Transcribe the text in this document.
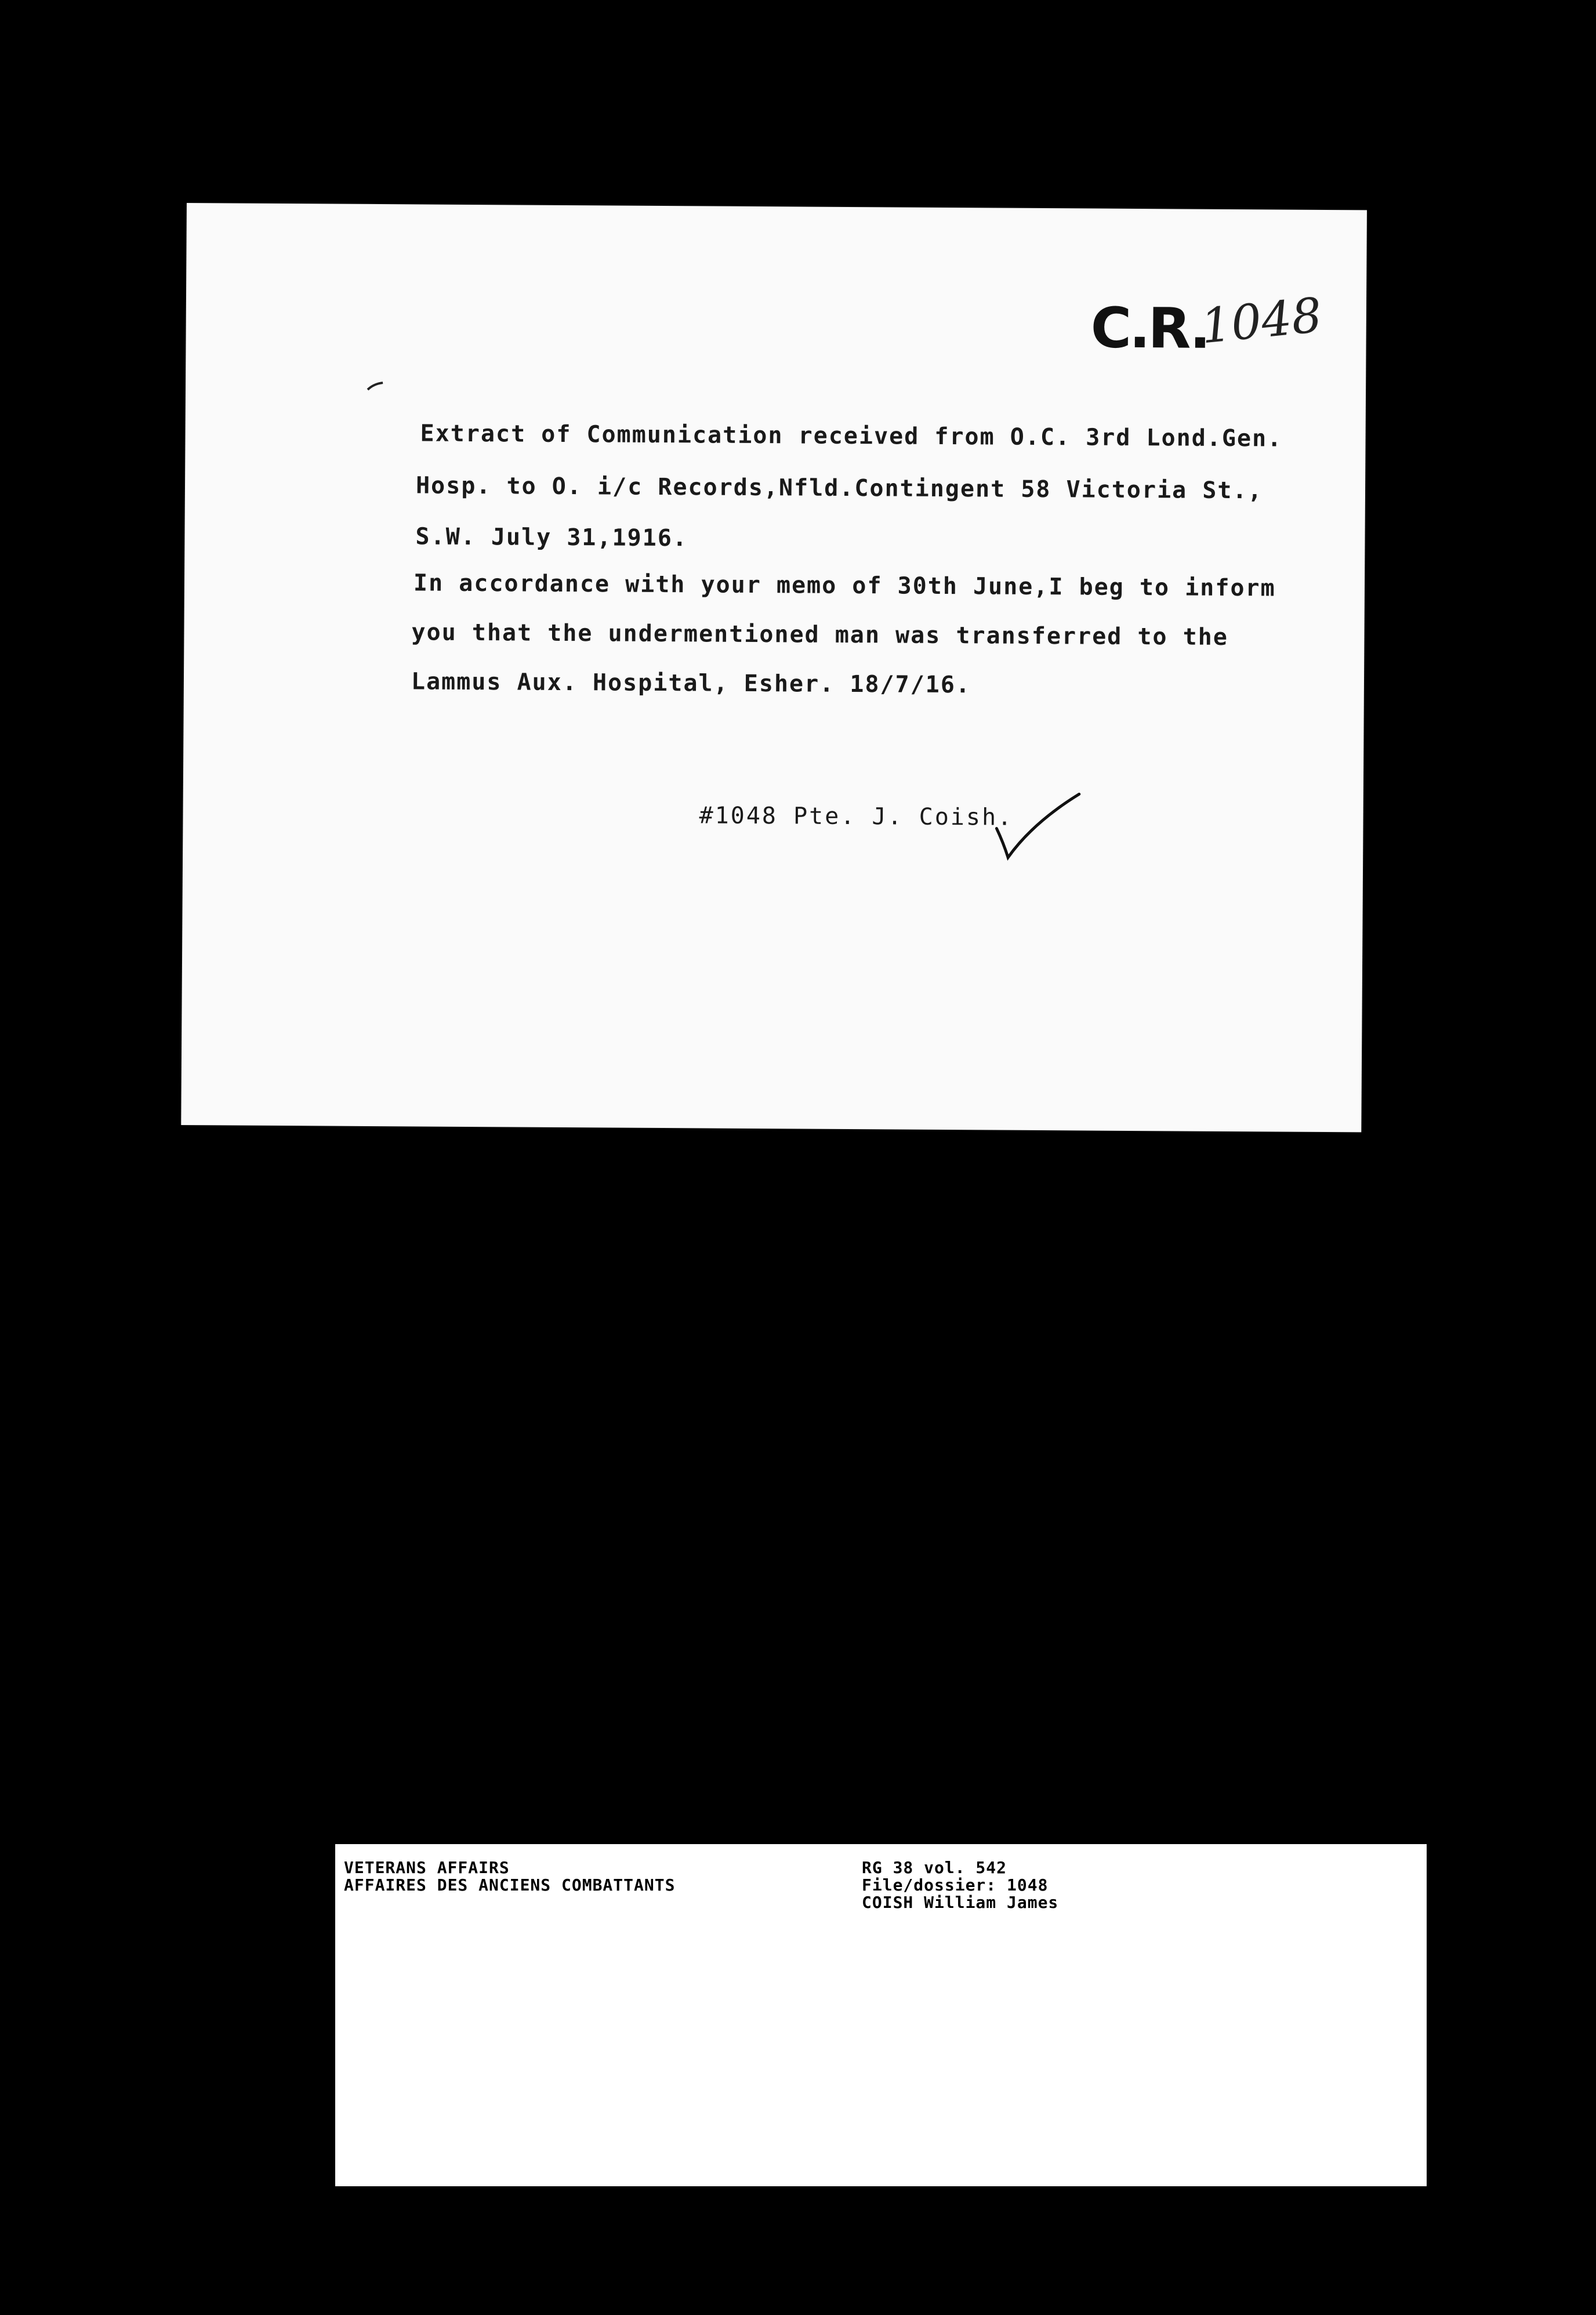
C.R.
1048
Extract of Communication received from O.C. 3rd Lond.Gen.
Hosp. to O. i/c Records,Nfld.Contingent 58 Victoria St.,
S.W. July 31,1916.
In accordance with your memo of 30th June,I beg to inform
you that the undermentioned man was transferred to the
Lammus Aux. Hospital, Esher. 18/7/16.
#1048 Pte. J. Coish.
VETERANS AFFAIRS
AFFAIRES DES ANCIENS COMBATTANTS
RG 38 vol. 542
File/dossier: 1048
COISH William James
